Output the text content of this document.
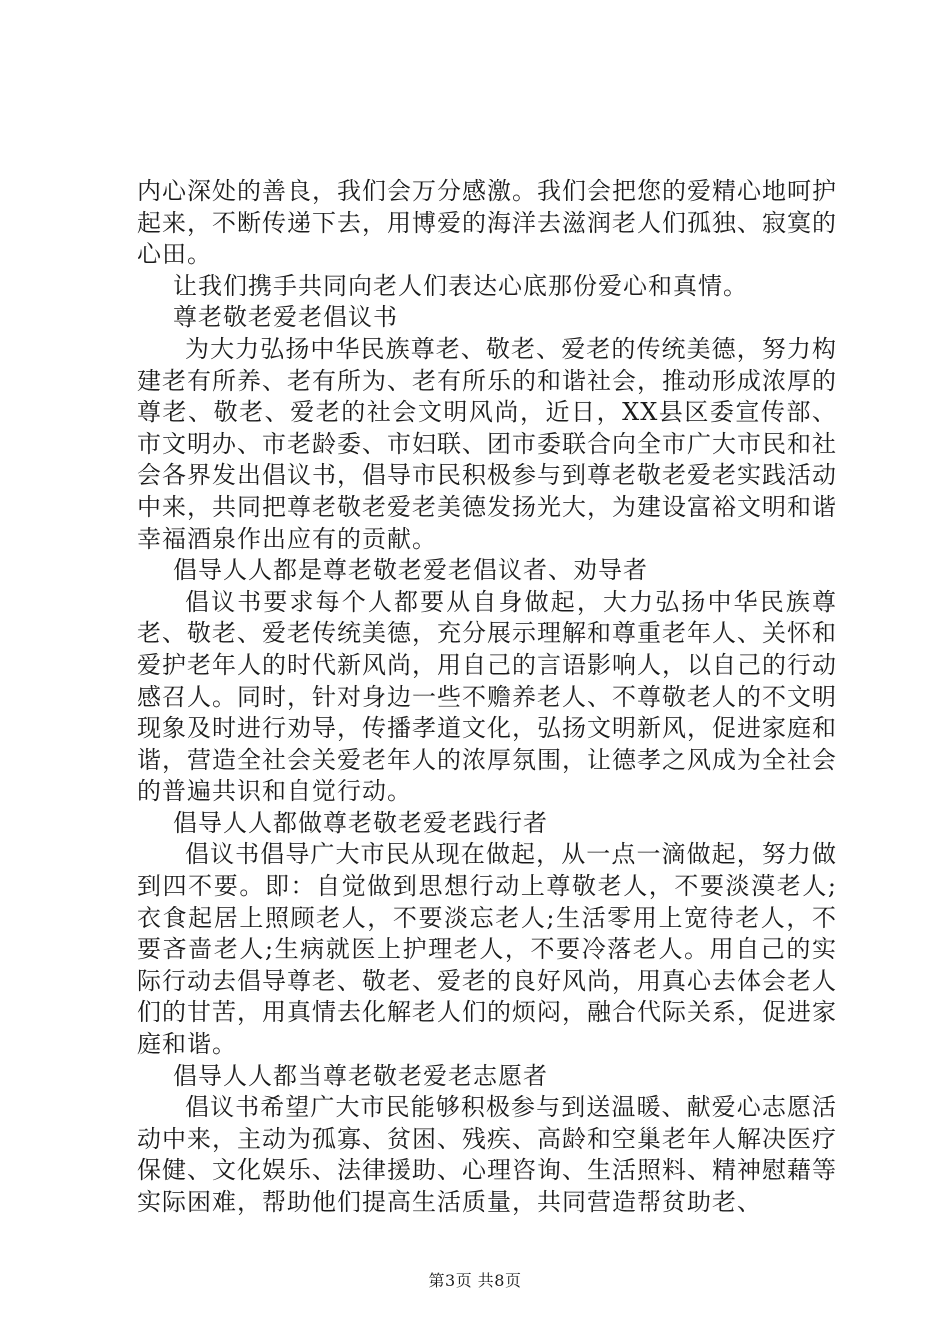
内心深处的善良，我们会万分感激。我们会把您的爱精心地呵护起来，不断传递下去，用博爱的海洋去滋润老人们孤独、寂寞的心田。

让我们携手共同向老人们表达心底那份爱心和真情。

尊老敬老爱老倡议书

为大力弘扬中华民族尊老、敬老、爱老的传统美德，努力构建老有所养、老有所为、老有所乐的和谐社会，推动形成浓厚的尊老、敬老、爱老的社会文明风尚，近日，XX县区委宣传部、市文明办、市老龄委、市妇联、团市委联合向全市广大市民和社会各界发出倡议书，倡导市民积极参与到尊老敬老爱老实践活动中来，共同把尊老敬老爱老美德发扬光大，为建设富裕文明和谐幸福酒泉作出应有的贡献。

倡导人人都是尊老敬老爱老倡议者、劝导者

倡议书要求每个人都要从自身做起，大力弘扬中华民族尊老、敬老、爱老传统美德，充分展示理解和尊重老年人、关怀和爱护老年人的时代新风尚，用自己的言语影响人，以自己的行动感召人。同时，针对身边一些不赡养老人、不尊敬老人的不文明现象及时进行劝导，传播孝道文化，弘扬文明新风，促进家庭和谐，营造全社会关爱老年人的浓厚氛围，让德孝之风成为全社会的普遍共识和自觉行动。

倡导人人都做尊老敬老爱老践行者

倡议书倡导广大市民从现在做起，从一点一滴做起，努力做到四不要。即：自觉做到思想行动上尊敬老人，不要淡漠老人;衣食起居上照顾老人，不要淡忘老人;生活零用上宽待老人，不要吝啬老人;生病就医上护理老人，不要冷落老人。用自己的实际行动去倡导尊老、敬老、爱老的良好风尚，用真心去体会老人们的甘苦，用真情去化解老人们的烦闷，融合代际关系，促进家庭和谐。

倡导人人都当尊老敬老爱老志愿者

倡议书希望广大市民能够积极参与到送温暖、献爱心志愿活动中来，主动为孤寡、贫困、残疾、高龄和空巢老年人解决医疗保健、文化娱乐、法律援助、心理咨询、生活照料、精神慰藉等实际困难，帮助他们提高生活质量，共同营造帮贫助老、

第3页 共8页
